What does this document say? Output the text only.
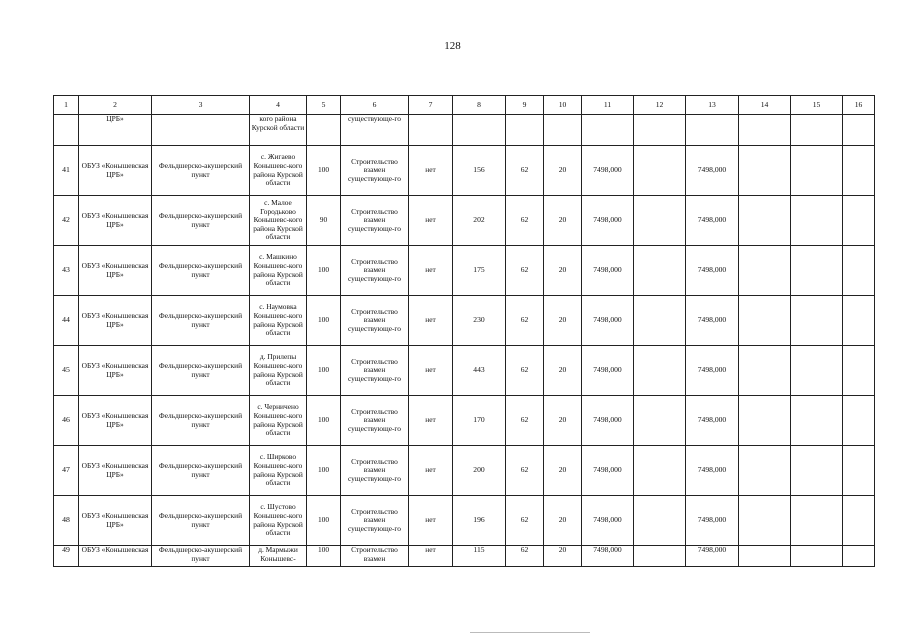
128
1	2	3	4	5	6	7	8	9	10	11	12	13	14	15	16
	ЦРБ»		кого района Курской области		существующе-го										
41	ОБУЗ «Конышевская ЦРБ»	Фельдшерско-акушерский пункт	с. Жигаево Конышевс-кого района Курской области	100	Строительство взамен существующе-го	нет	156	62	20	7498,000		7498,000			
42	ОБУЗ «Конышевская ЦРБ»	Фельдшерско-акушерский пункт	с. Малое Городьково Конышевс-кого района Курской области	90	Строительство взамен существующе-го	нет	202	62	20	7498,000		7498,000			
43	ОБУЗ «Конышевская ЦРБ»	Фельдшерско-акушерский пункт	с. Машкино Конышевс-кого района Курской области	100	Строительство взамен существующе-го	нет	175	62	20	7498,000		7498,000			
44	ОБУЗ «Конышевская ЦРБ»	Фельдшерско-акушерский пункт	с. Наумовка Конышевс-кого района Курской области	100	Строительство взамен существующе-го	нет	230	62	20	7498,000		7498,000			
45	ОБУЗ «Конышевская ЦРБ»	Фельдшерско-акушерский пункт	д. Прилепы Конышевс-кого района Курской области	100	Строительство взамен существующе-го	нет	443	62	20	7498,000		7498,000			
46	ОБУЗ «Конышевская ЦРБ»	Фельдшерско-акушерский пункт	с. Черничено Конышевс-кого района Курской области	100	Строительство взамен существующе-го	нет	170	62	20	7498,000		7498,000			
47	ОБУЗ «Конышевская ЦРБ»	Фельдшерско-акушерский пункт	с. Ширково Конышевс-кого района Курской области	100	Строительство взамен существующе-го	нет	200	62	20	7498,000		7498,000			
48	ОБУЗ «Конышевская ЦРБ»	Фельдшерско-акушерский пункт	с. Шустово Конышевс-кого района Курской области	100	Строительство взамен существующе-го	нет	196	62	20	7498,000		7498,000			
49	ОБУЗ «Конышевская	Фельдшерско-акушерский пункт	д. Мармыжи Конышевс-	100	Строительство взамен	нет	115	62	20	7498,000		7498,000			
